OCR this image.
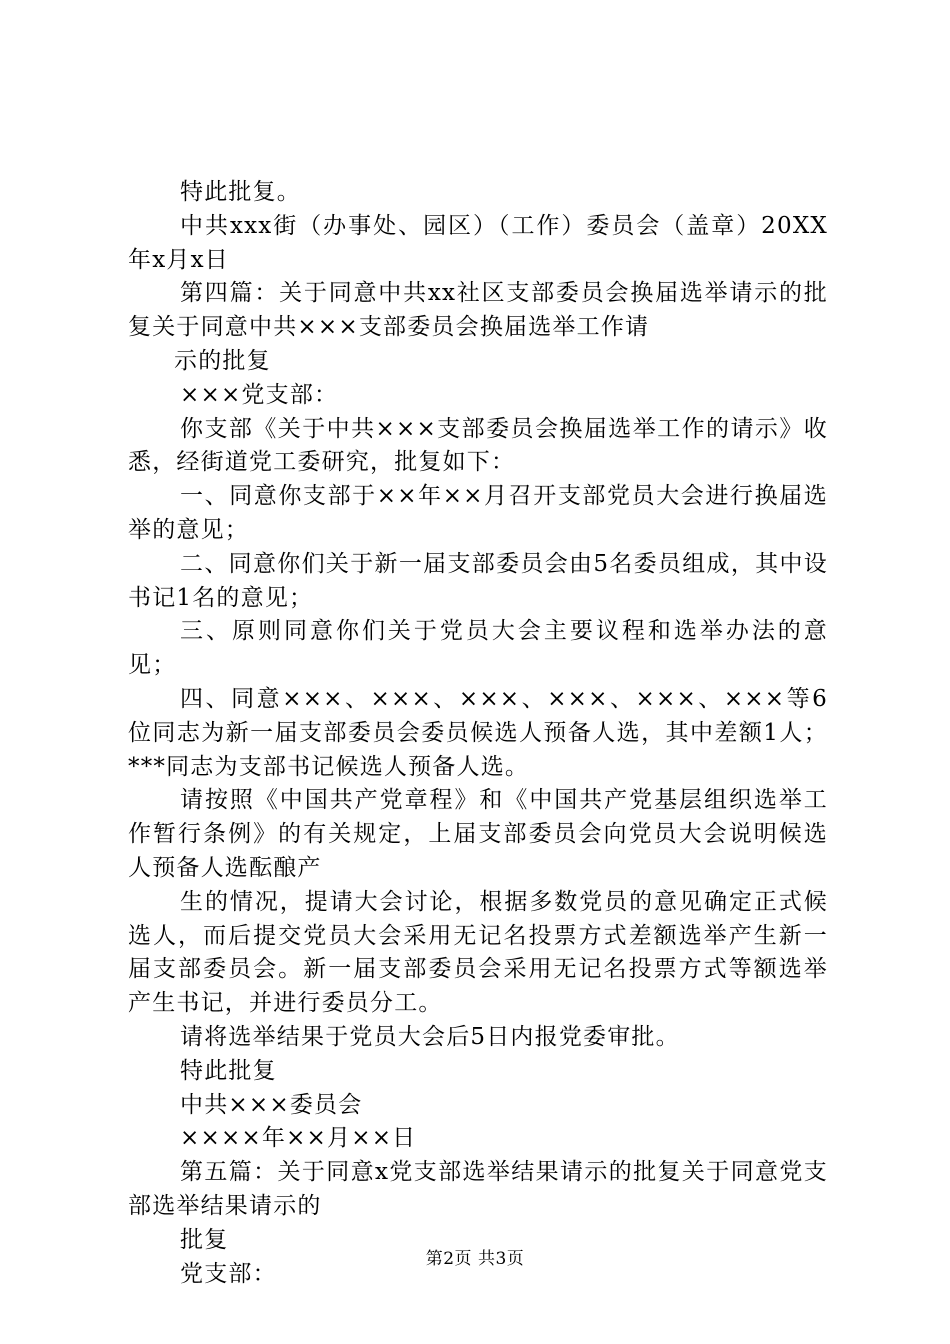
特此批复。

中共xxx街（办事处、园区）（工作）委员会（盖章）20XX年x月x日

第四篇：关于同意中共xx社区支部委员会换届选举请示的批复关于同意中共×××支部委员会换届选举工作请

示的批复

×××党支部：

你支部《关于中共×××支部委员会换届选举工作的请示》收悉，经街道党工委研究，批复如下：

一、同意你支部于××年××月召开支部党员大会进行换届选举的意见；

二、同意你们关于新一届支部委员会由5名委员组成，其中设书记1名的意见；

三、原则同意你们关于党员大会主要议程和选举办法的意见；

四、同意×××、×××、×××、×××、×××、×××等6位同志为新一届支部委员会委员候选人预备人选，其中差额1人；***同志为支部书记候选人预备人选。

请按照《中国共产党章程》和《中国共产党基层组织选举工作暂行条例》的有关规定，上届支部委员会向党员大会说明候选人预备人选酝酿产

生的情况，提请大会讨论，根据多数党员的意见确定正式候选人，而后提交党员大会采用无记名投票方式差额选举产生新一届支部委员会。新一届支部委员会采用无记名投票方式等额选举产生书记，并进行委员分工。

请将选举结果于党员大会后5日内报党委审批。

特此批复

中共×××委员会

××××年××月××日

第五篇：关于同意x党支部选举结果请示的批复关于同意党支部选举结果请示的

批复

党支部：

第2页 共3页
